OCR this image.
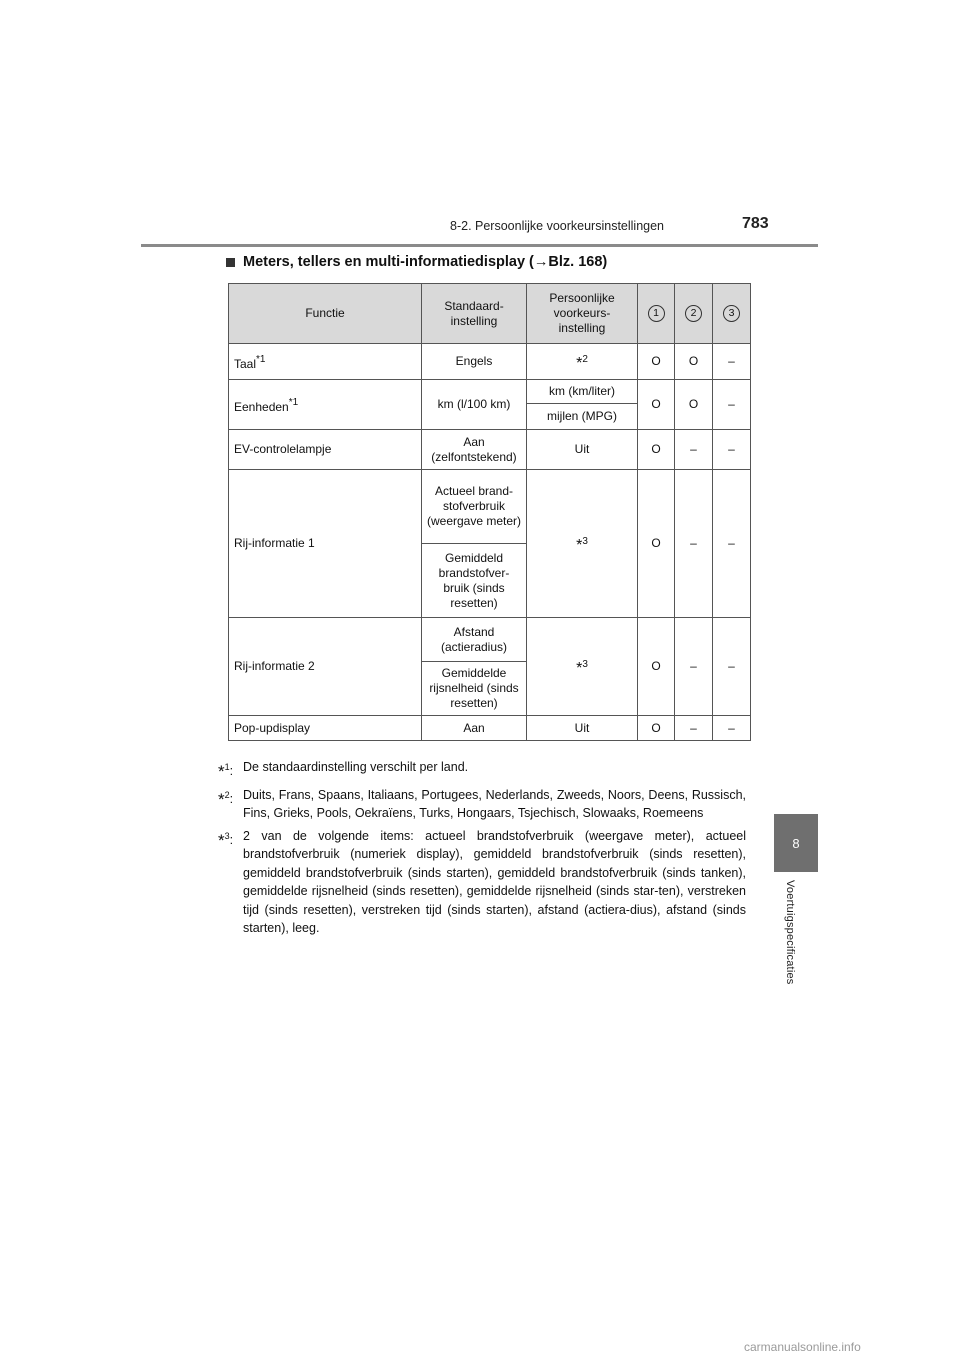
8-2. Persoonlijke voorkeursinstellingen	783
8
Voertuigspecificaties
Meters, tellers en multi-informatiedisplay ( → Blz. 168)
Functie	Standaard-instelling	Persoonlijke voorkeurs-instelling	1	2	3
Taal$^{*1}$	Engels	*$^2$	O	O	–
Eenheden$^{*1}$	km (l/100 km)	km (km/liter)	O	O	–
		mijlen (MPG)			
EV-controlelampje	Aan (zelfontstekend)	Uit	O	–	–
Rij-informatie 1	Actueel brand-stofverbruik (weergave meter)	*$^3$	O	–	–
	Gemiddeld brandstofver-bruik (sinds resetten)				
Rij-informatie 2	Afstand (actieradius)	*$^3$	O	–	–
	Gemiddelde rijsnelheid (sinds resetten)				
Pop-updisplay	Aan	Uit	O	–	–
*$^1$: De standaardinstelling verschilt per land.
*$^2$: Duits, Frans, Spaans, Italiaans, Portugees, Nederlands, Zweeds, Noors, Deens, Russisch, Fins, Grieks, Pools, Oekraïens, Turks, Hongaars, Tsjechisch, Slowaaks, Roemeens
*$^3$: 2 van de volgende items: actueel brandstofverbruik (weergave meter), actueel brandstofverbruik (numeriek display), gemiddeld brandstofverbruik (sinds resetten), gemiddeld brandstofverbruik (sinds starten), gemiddeld brandstofverbruik (sinds tanken), gemiddelde rijsnelheid (sinds resetten), gemiddelde rijsnelheid (sinds star-ten), verstreken tijd (sinds resetten), verstreken tijd (sinds starten), afstand (actiera-dius), afstand (sinds starten), leeg.
carmanualsonline.info
